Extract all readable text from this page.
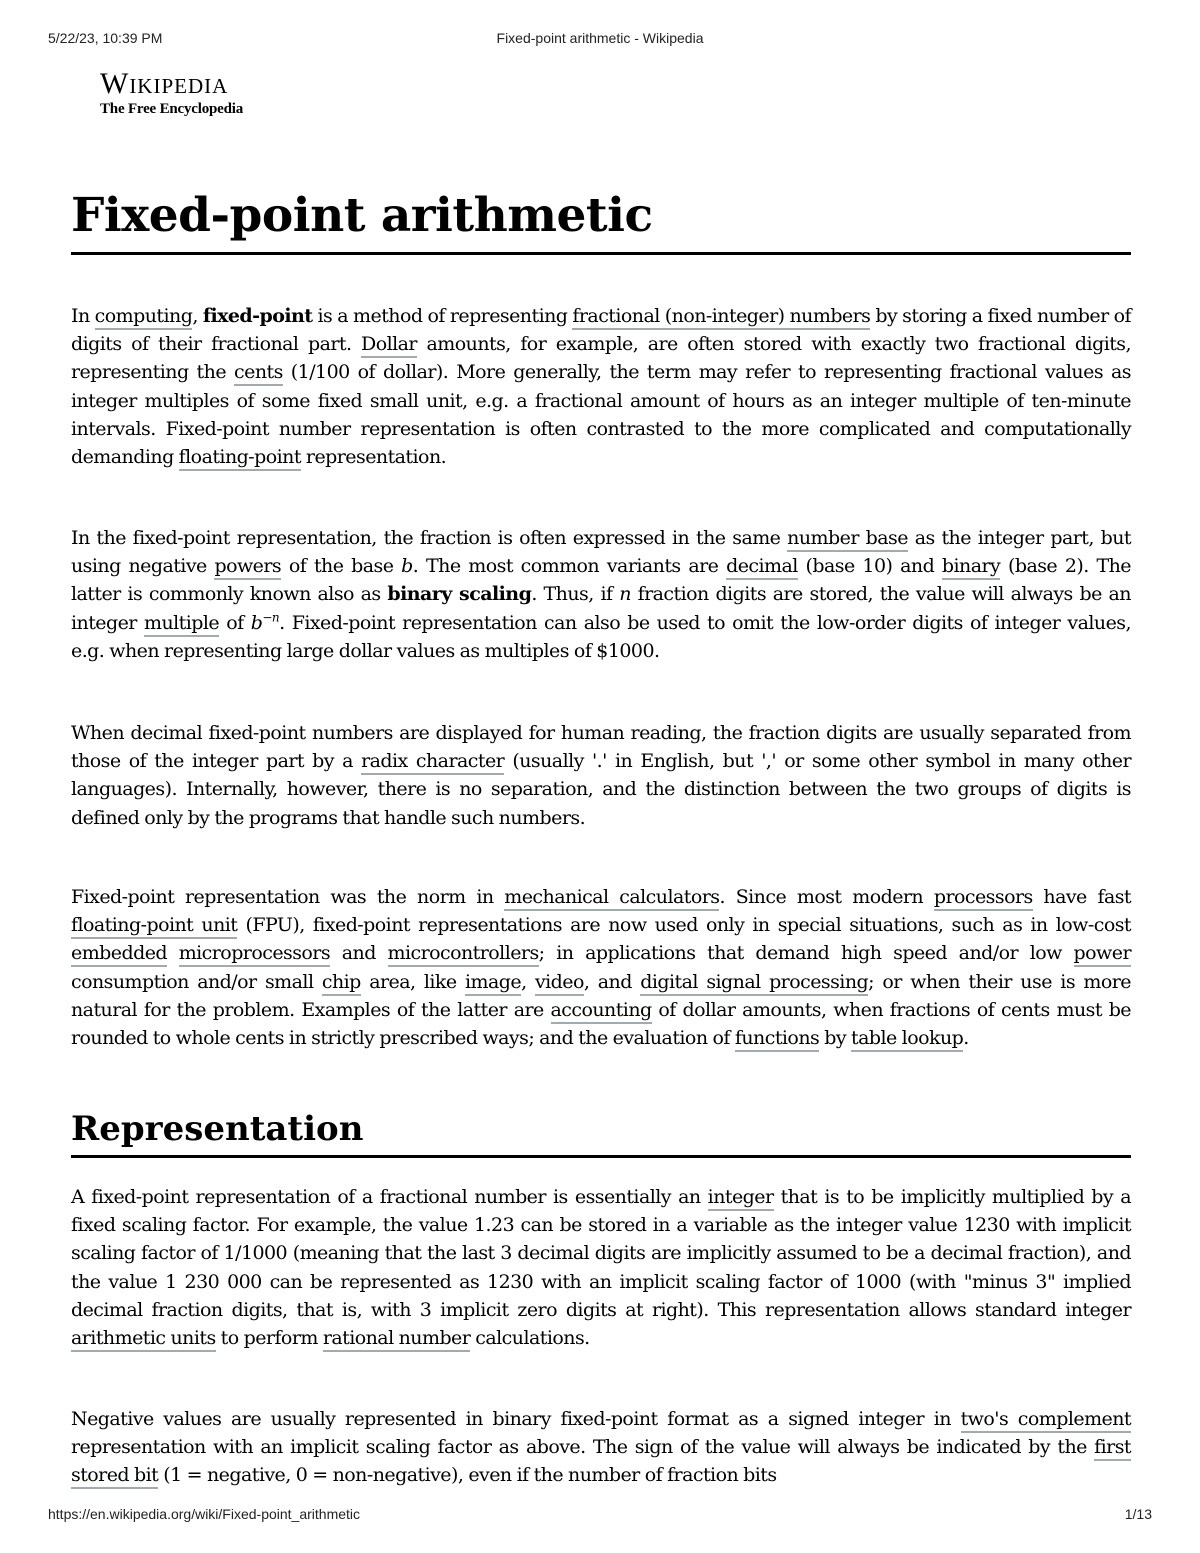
5/22/23, 10:39 PM	Fixed-point arithmetic - Wikipedia
Wikipedia
The Free Encyclopedia
Fixed-point arithmetic

In computing, fixed-point is a method of representing fractional (non-integer) numbers by storing a fixed number of digits of their fractional part. Dollar amounts, for example, are often stored with exactly two fractional digits, representing the cents (1/100 of dollar). More generally, the term may refer to representing fractional values as integer multiples of some fixed small unit, e.g. a fractional amount of hours as an integer multiple of ten-minute intervals. Fixed-point number representation is often contrasted to the more complicated and computationally demanding floating-point representation.

In the fixed-point representation, the fraction is often expressed in the same number base as the integer part, but using negative powers of the base b. The most common variants are decimal (base 10) and binary (base 2). The latter is commonly known also as binary scaling. Thus, if n fraction digits are stored, the value will always be an integer multiple of $b^{-n}$. Fixed-point representation can also be used to omit the low-order digits of integer values, e.g. when representing large dollar values as multiples of $1000.

When decimal fixed-point numbers are displayed for human reading, the fraction digits are usually separated from those of the integer part by a radix character (usually '.' in English, but ',' or some other symbol in many other languages). Internally, however, there is no separation, and the distinction between the two groups of digits is defined only by the programs that handle such numbers.

Fixed-point representation was the norm in mechanical calculators. Since most modern processors have fast floating-point unit (FPU), fixed-point representations are now used only in special situations, such as in low-cost embedded microprocessors and microcontrollers; in applications that demand high speed and/or low power consumption and/or small chip area, like image, video, and digital signal processing; or when their use is more natural for the problem. Examples of the latter are accounting of dollar amounts, when fractions of cents must be rounded to whole cents in strictly prescribed ways; and the evaluation of functions by table lookup.

Representation

A fixed-point representation of a fractional number is essentially an integer that is to be implicitly multiplied by a fixed scaling factor. For example, the value 1.23 can be stored in a variable as the integer value 1230 with implicit scaling factor of 1/1000 (meaning that the last 3 decimal digits are implicitly assumed to be a decimal fraction), and the value 1 230 000 can be represented as 1230 with an implicit scaling factor of 1000 (with "minus 3" implied decimal fraction digits, that is, with 3 implicit zero digits at right). This representation allows standard integer arithmetic units to perform rational number calculations.

Negative values are usually represented in binary fixed-point format as a signed integer in two's complement representation with an implicit scaling factor as above. The sign of the value will always be indicated by the first stored bit (1 = negative, 0 = non-negative), even if the number of fraction bits

https://en.wikipedia.org/wiki/Fixed-point_arithmetic	1/13
